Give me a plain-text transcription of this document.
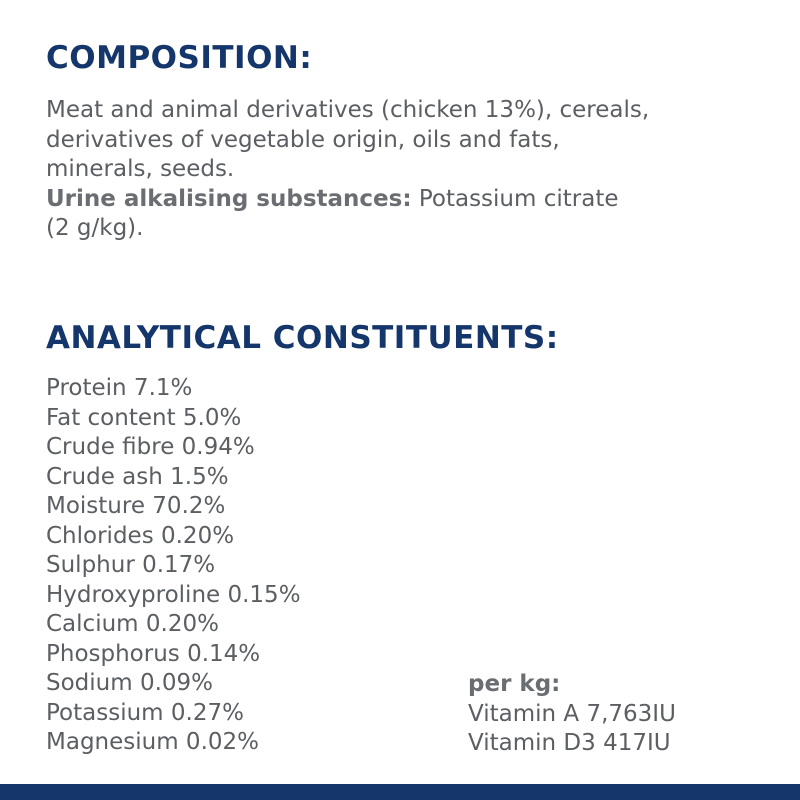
COMPOSITION:
Meat and animal derivatives (chicken 13%), cereals,
derivatives of vegetable origin, oils and fats,
minerals, seeds.
Urine alkalising substances: Potassium citrate
(2 g/kg).
ANALYTICAL CONSTITUENTS:
Protein 7.1%
Fat content 5.0%
Crude fibre 0.94%
Crude ash 1.5%
Moisture 70.2%
Chlorides 0.20%
Sulphur 0.17%
Hydroxyproline 0.15%
Calcium 0.20%
Phosphorus 0.14%
Sodium 0.09%
Potassium 0.27%
Magnesium 0.02%
per kg:
Vitamin A 7,763IU
Vitamin D3 417IU
